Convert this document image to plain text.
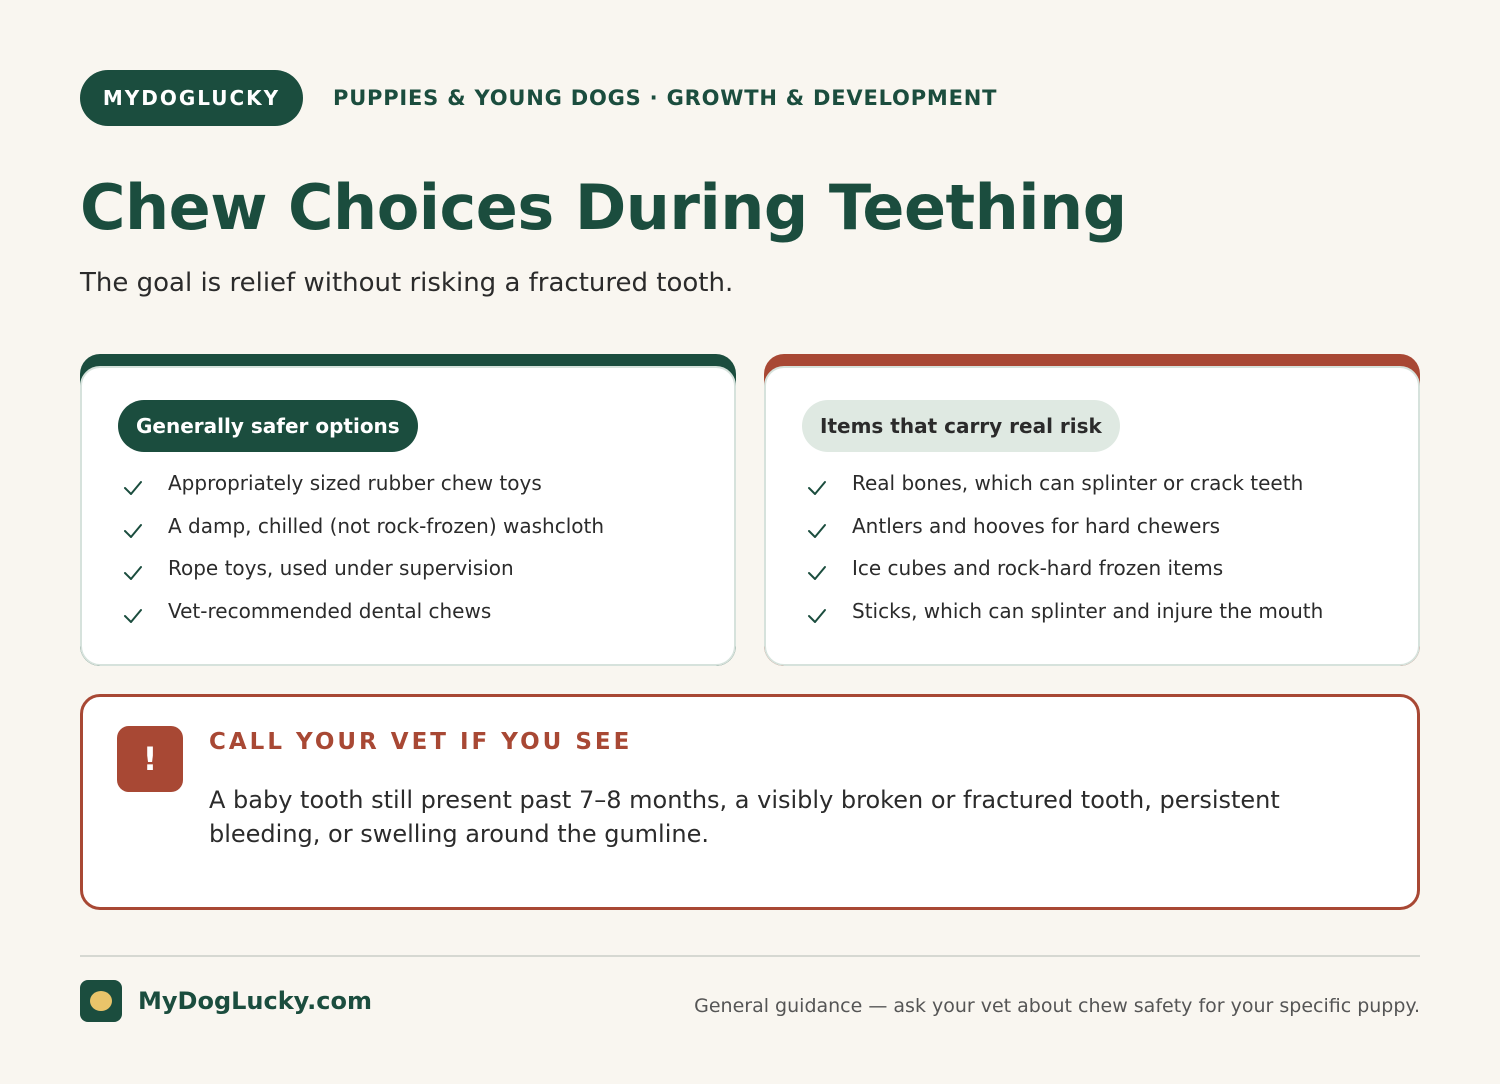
MYDOGLUCKY	PUPPIES & YOUNG DOGS · GROWTH & DEVELOPMENT
Chew Choices During Teething

The goal is relief without risking a fractured tooth.

Generally safer options
Appropriately sized rubber chew toys
A damp, chilled (not rock-frozen) washcloth
Rope toys, used under supervision
Vet-recommended dental chews
Items that carry real risk
Real bones, which can splinter or crack teeth
Antlers and hooves for hard chewers
Ice cubes and rock-hard frozen items
Sticks, which can splinter and injure the mouth
!	CALL YOUR VET IF YOU SEE

A baby tooth still present past 7–8 months, a visibly broken or fractured tooth, persistent bleeding, or swelling around the gumline.

MyDogLucky.com	General guidance — ask your vet about chew safety for your specific puppy.
